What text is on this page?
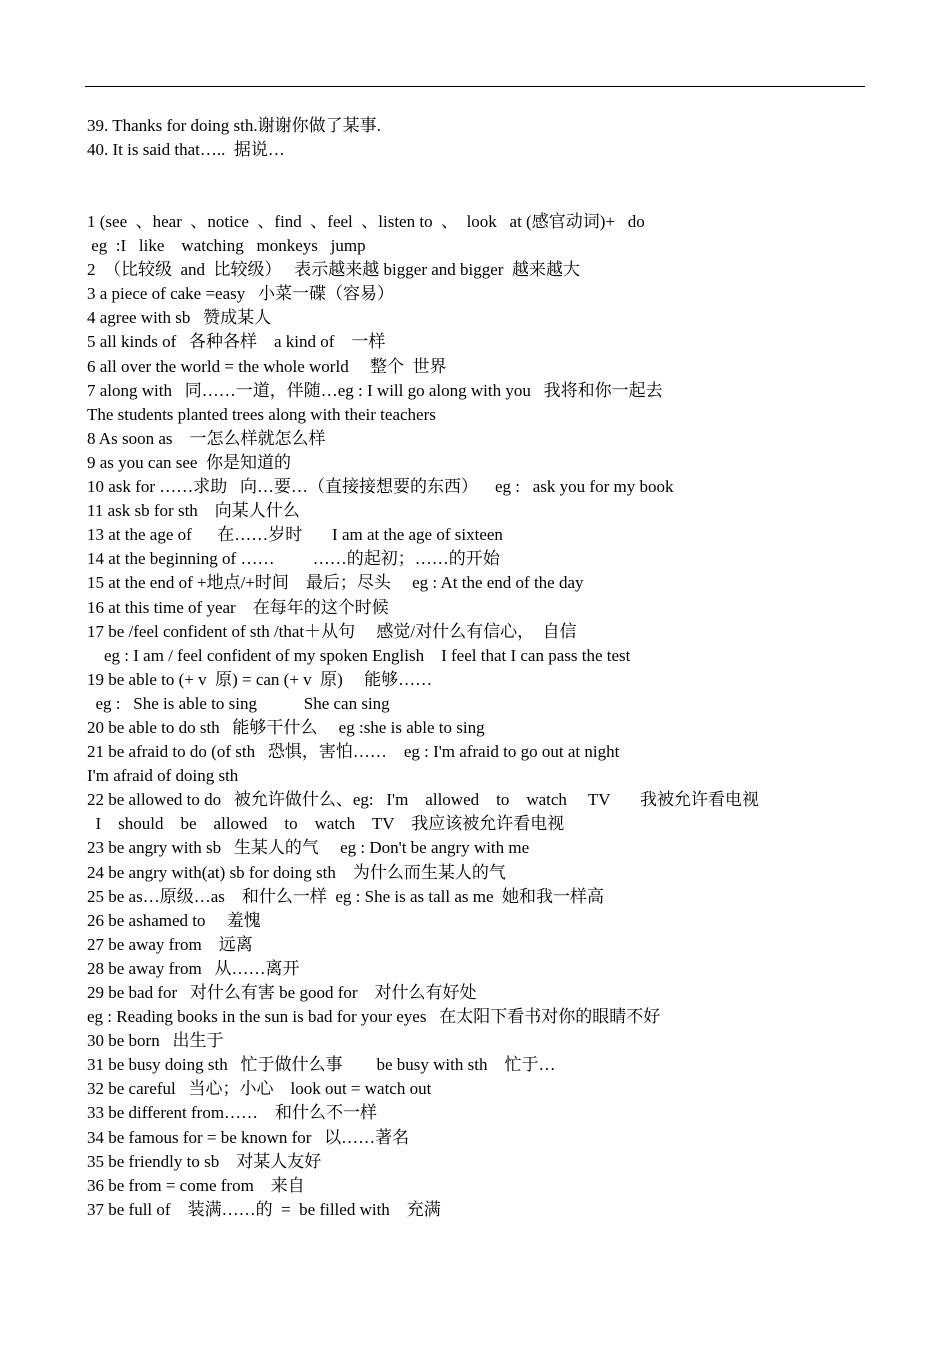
39. Thanks for doing sth.谢谢你做了某事.
40. It is said that…..  据说…
1 (see  、hear  、notice  、find  、feel  、listen to  、  look   at (感官动词)+   do
eg  :I   like    watching   monkeys   jump
2  （比较级  and  比较级）   表示越来越 bigger and bigger  越来越大
3 a piece of cake =easy   小菜一碟（容易）
4 agree with sb   赞成某人
5 all kinds of   各种各样    a kind of    一样
6 all over the world = the whole world     整个  世界
7 along with   同……一道，伴随…eg : I will go along with you   我将和你一起去
The students planted trees along with their teachers
8 As soon as    一怎么样就怎么样
9 as you can see  你是知道的
10 ask for ……求助   向…要…（直接接想要的东西）    eg :   ask you for my book
11 ask sb for sth    向某人什么
13 at the age of      在……岁时       I am at the age of sixteen
14 at the beginning of ……         ……的起初；……的开始
15 at the end of +地点/+时间    最后；尽头     eg : At the end of the day
16 at this time of year    在每年的这个时候
17 be /feel confident of sth /that＋从句     感觉/对什么有信心，  自信
eg : I am / feel confident of my spoken English    I feel that I can pass the test
19 be able to (+ v  原) = can (+ v  原)     能够……
eg :   She is able to sing           She can sing
20 be able to do sth   能够干什么     eg :she is able to sing
21 be afraid to do (of sth   恐惧，害怕……    eg : I'm afraid to go out at night
I'm afraid of doing sth
22 be allowed to do   被允许做什么、eg:   I'm    allowed    to    watch     TV       我被允许看电视
I    should    be    allowed    to    watch    TV    我应该被允许看电视
23 be angry with sb   生某人的气     eg : Don't be angry with me
24 be angry with(at) sb for doing sth    为什么而生某人的气
25 be as…原级…as    和什么一样  eg : She is as tall as me  她和我一样高
26 be ashamed to     羞愧
27 be away from    远离
28 be away from   从……离开
29 be bad for   对什么有害 be good for    对什么有好处
eg : Reading books in the sun is bad for your eyes   在太阳下看书对你的眼睛不好
30 be born   出生于
31 be busy doing sth   忙于做什么事        be busy with sth    忙于…
32 be careful   当心；小心    look out = watch out
33 be different from……    和什么不一样
34 be famous for = be known for   以……著名
35 be friendly to sb    对某人友好
36 be from = come from    来自
37 be full of    装满……的  =  be filled with    充满
